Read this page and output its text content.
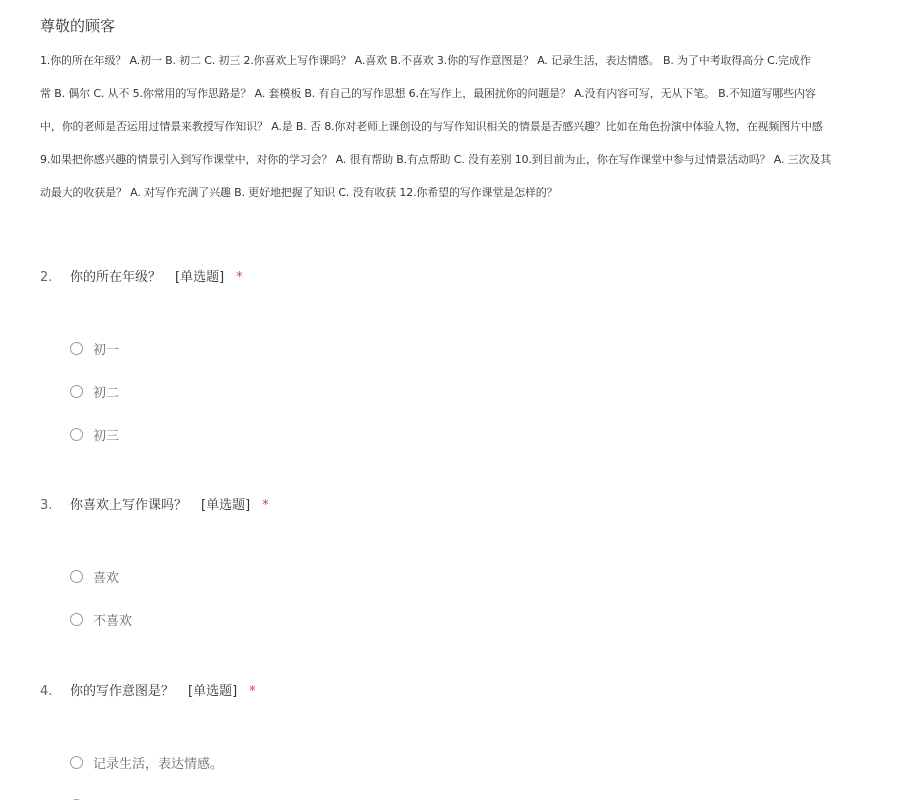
尊敬的顾客
1.你的所在年级？ A.初一 B. 初二 C. 初三 2.你喜欢上写作课吗？ A.喜欢 B.不喜欢 3.你的写作意图是？ A. 记录生活，表达情感。 B. 为了中考取得高分 C.完成作
常 B. 偶尔 C. 从不 5.你常用的写作思路是？ A. 套模板 B. 有自己的写作思想 6.在写作上，最困扰你的问题是？ A.没有内容可写，无从下笔。 B.不知道写哪些内容
中，你的老师是否运用过情景来教授写作知识？ A.是 B. 否 8.你对老师上课创设的与写作知识相关的情景是否感兴趣？比如在角色扮演中体验人物，在视频图片中感
9.如果把你感兴趣的情景引入到写作课堂中，对你的学习会？ A. 很有帮助 B.有点帮助 C. 没有差别 10.到目前为止，你在写作课堂中参与过情景活动吗？ A. 三次及其
动最大的收获是？ A. 对写作充满了兴趣 B. 更好地把握了知识 C. 没有收获 12.你希望的写作课堂是怎样的？
2. 你的所在年级？ [单选题] *
初一
初二
初三
3. 你喜欢上写作课吗？ [单选题] *
喜欢
不喜欢
4. 你的写作意图是？ [单选题] *
记录生活，表达情感。
